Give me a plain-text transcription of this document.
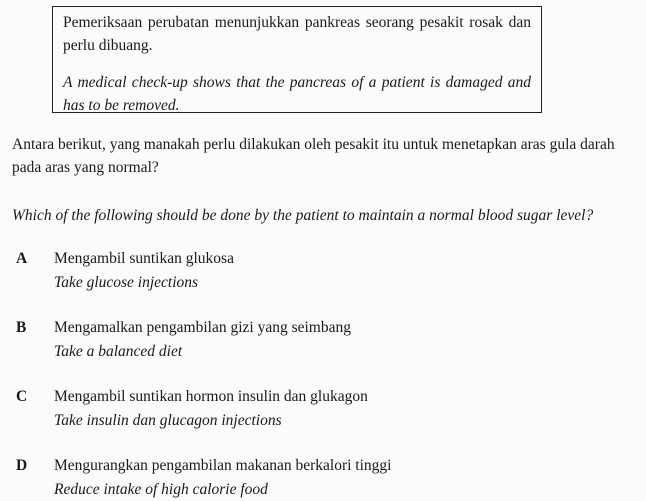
Pemeriksaan perubatan menunjukkan pankreas seorang pesakit rosak dan perlu dibuang.

A medical check-up shows that the pancreas of a patient is damaged and has to be removed.

Antara berikut, yang manakah perlu dilakukan oleh pesakit itu untuk menetapkan aras gula darah pada aras yang normal?

Which of the following should be done by the patient to maintain a normal blood sugar level?

A Mengambil suntikan glukosa
Take glucose injections
B Mengamalkan pengambilan gizi yang seimbang
Take a balanced diet
C Mengambil suntikan hormon insulin dan glukagon
Take insulin dan glucagon injections
D Mengurangkan pengambilan makanan berkalori tinggi
Reduce intake of high calorie food
